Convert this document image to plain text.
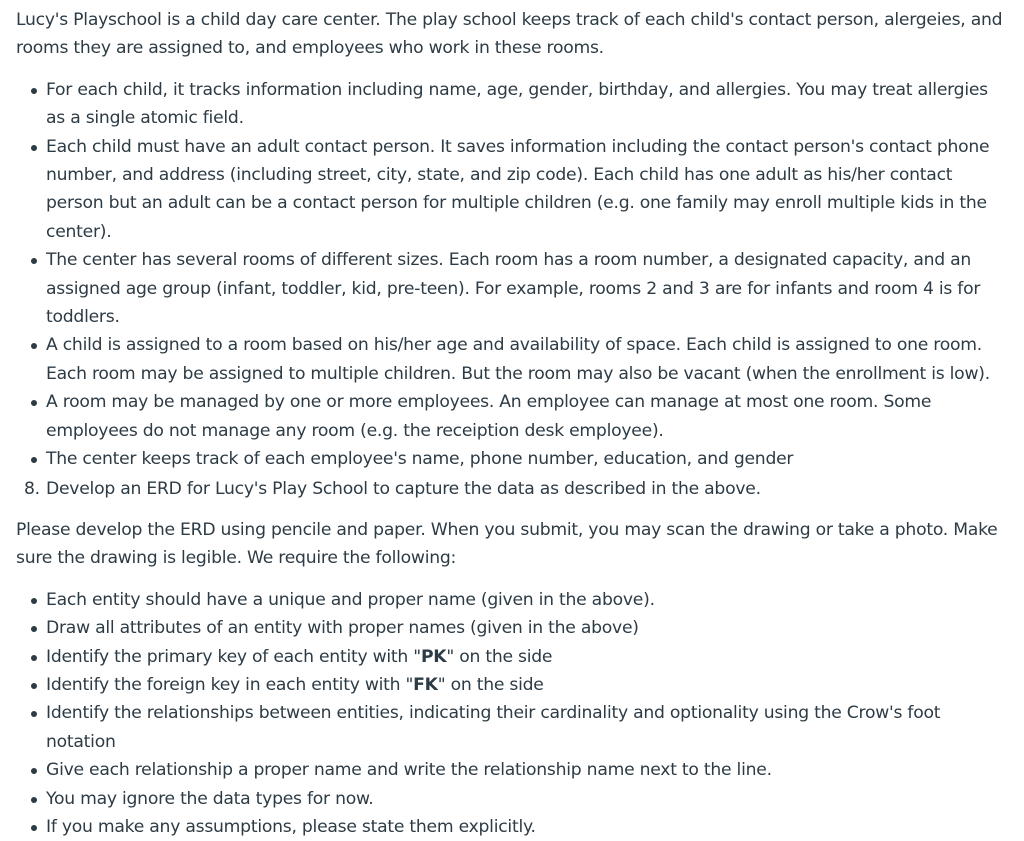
Lucy's Playschool is a child day care center. The play school keeps track of each child's contact person, alergeies, and rooms they are assigned to, and employees who work in these rooms.

For each child, it tracks information including name, age, gender, birthday, and allergies. You may treat allergies as a single atomic field.
Each child must have an adult contact person. It saves information including the contact person's contact phone number, and address (including street, city, state, and zip code). Each child has one adult as his/her contact person but an adult can be a contact person for multiple children (e.g. one family may enroll multiple kids in the center).
The center has several rooms of different sizes. Each room has a room number, a designated capacity, and an assigned age group (infant, toddler, kid, pre-teen). For example, rooms 2 and 3 are for infants and room 4 is for toddlers.
A child is assigned to a room based on his/her age and availability of space. Each child is assigned to one room. Each room may be assigned to multiple children. But the room may also be vacant (when the enrollment is low).
A room may be managed by one or more employees. An employee can manage at most one room. Some employees do not manage any room (e.g. the receiption desk employee).
The center keeps track of each employee's name, phone number, education, and gender
8. Develop an ERD for Lucy's Play School to capture the data as described in the above.

Please develop the ERD using pencile and paper. When you submit, you may scan the drawing or take a photo. Make sure the drawing is legible. We require the following:

Each entity should have a unique and proper name (given in the above).
Draw all attributes of an entity with proper names (given in the above)
Identify the primary key of each entity with "PK" on the side
Identify the foreign key in each entity with "FK" on the side
Identify the relationships between entities, indicating their cardinality and optionality using the Crow's foot notation
Give each relationship a proper name and write the relationship name next to the line.
You may ignore the data types for now.
If you make any assumptions, please state them explicitly.
